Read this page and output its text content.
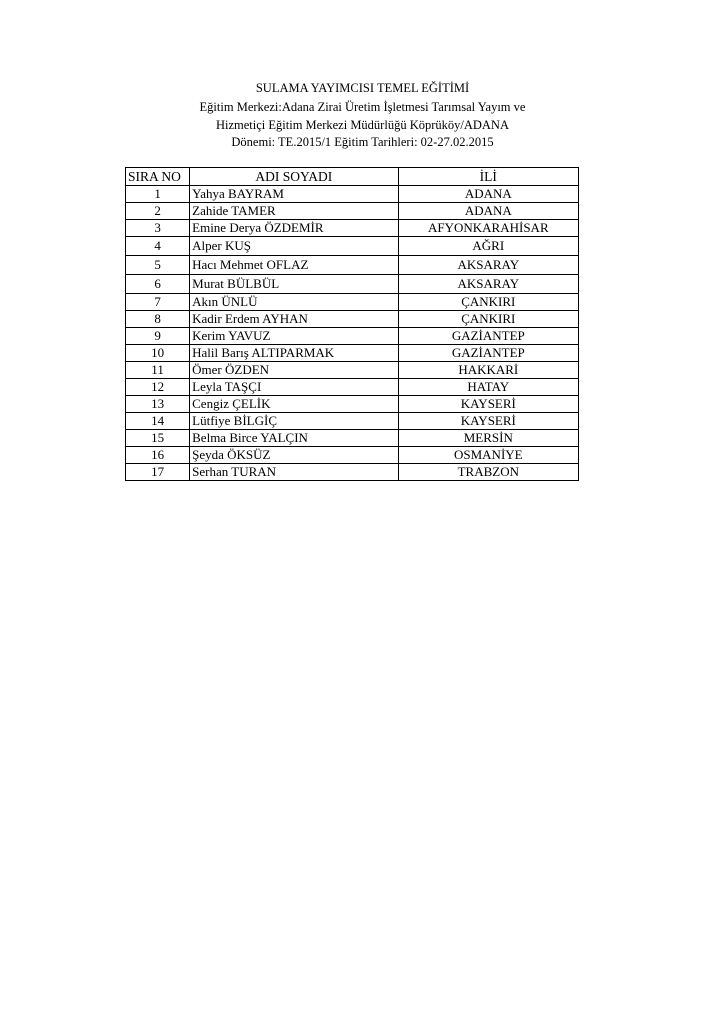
SULAMA YAYIMCISI TEMEL EĞİTİMİ
Eğitim Merkezi:Adana Zirai Üretim İşletmesi Tarımsal Yayım ve
Hizmetiçi Eğitim Merkezi Müdürlüğü Köprüköy/ADANA
Dönemi: TE.2015/1 Eğitim Tarihleri: 02-27.02.2015
SIRA NO	ADI SOYADI	İLİ
1	Yahya BAYRAM	ADANA
2	Zahide TAMER	ADANA
3	Emine Derya ÖZDEMİR	AFYONKARAHİSAR
4	Alper KUŞ	AĞRI
5	Hacı Mehmet OFLAZ	AKSARAY
6	Murat BÜLBÜL	AKSARAY
7	Akın ÜNLÜ	ÇANKIRI
8	Kadir Erdem AYHAN	ÇANKIRI
9	Kerim YAVUZ	GAZİANTEP
10	Halil Barış ALTIPARMAK	GAZİANTEP
11	Ömer ÖZDEN	HAKKARİ
12	Leyla TAŞÇI	HATAY
13	Cengiz ÇELİK	KAYSERİ
14	Lütfiye BİLGİÇ	KAYSERİ
15	Belma Birce YALÇIN	MERSİN
16	Şeyda ÖKSÜZ	OSMANİYE
17	Serhan TURAN	TRABZON
